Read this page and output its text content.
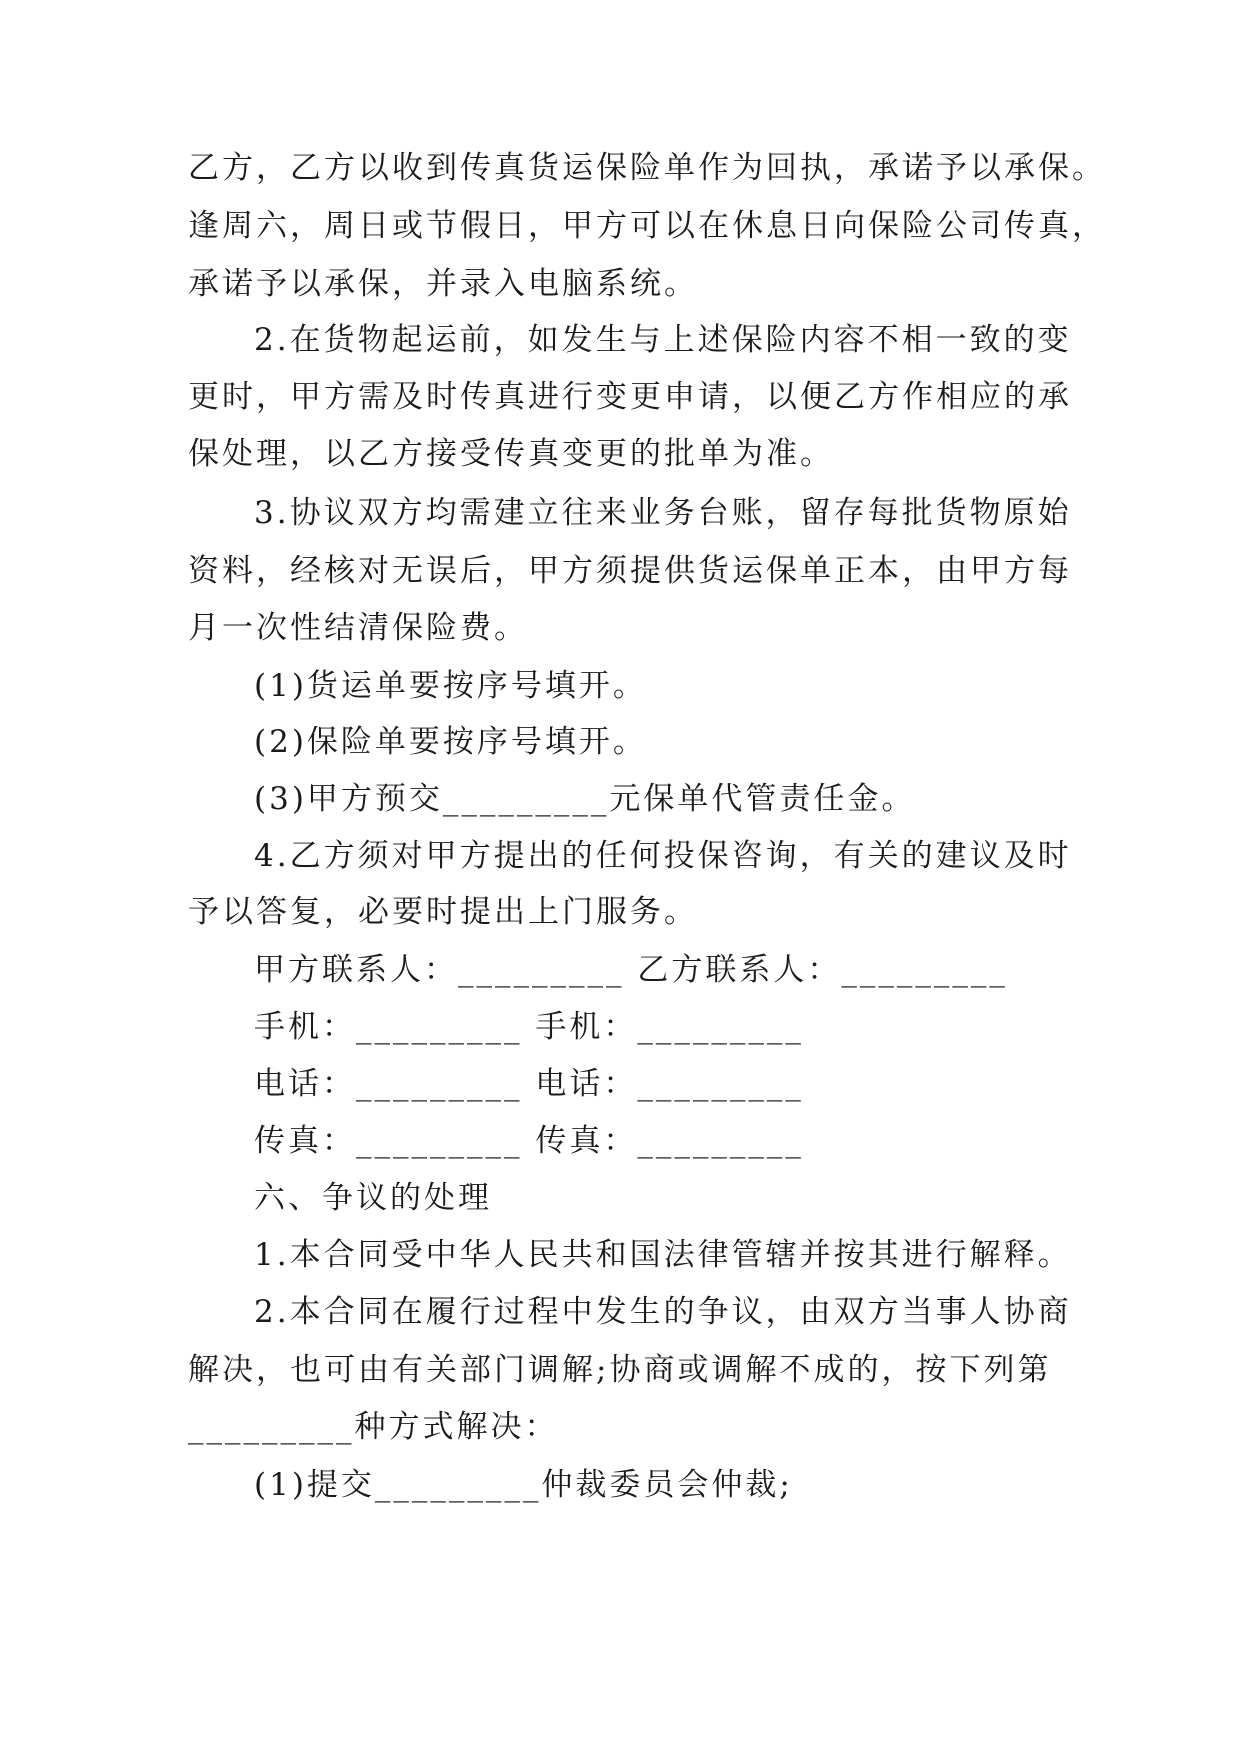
乙方，乙方以收到传真货运保险单作为回执，承诺予以承保。
逢周六，周日或节假日，甲方可以在休息日向保险公司传真，
承诺予以承保，并录入电脑系统。
2.在货物起运前，如发生与上述保险内容不相一致的变
更时，甲方需及时传真进行变更申请，以便乙方作相应的承
保处理，以乙方接受传真变更的批单为准。
3.协议双方均需建立往来业务台账，留存每批货物原始
资料，经核对无误后，甲方须提供货运保单正本，由甲方每
月一次性结清保险费。
(1)货运单要按序号填开。
(2)保险单要按序号填开。
(3)甲方预交_________元保单代管责任金。
4.乙方须对甲方提出的任何投保咨询，有关的建议及时
予以答复，必要时提出上门服务。
甲方联系人：_________ 乙方联系人：_________
手机：_________ 手机：_________
电话：_________ 电话：_________
传真：_________ 传真：_________
六、争议的处理
1.本合同受中华人民共和国法律管辖并按其进行解释。
2.本合同在履行过程中发生的争议，由双方当事人协商
解决，也可由有关部门调解;协商或调解不成的，按下列第
_________种方式解决：
(1)提交_________仲裁委员会仲裁;
